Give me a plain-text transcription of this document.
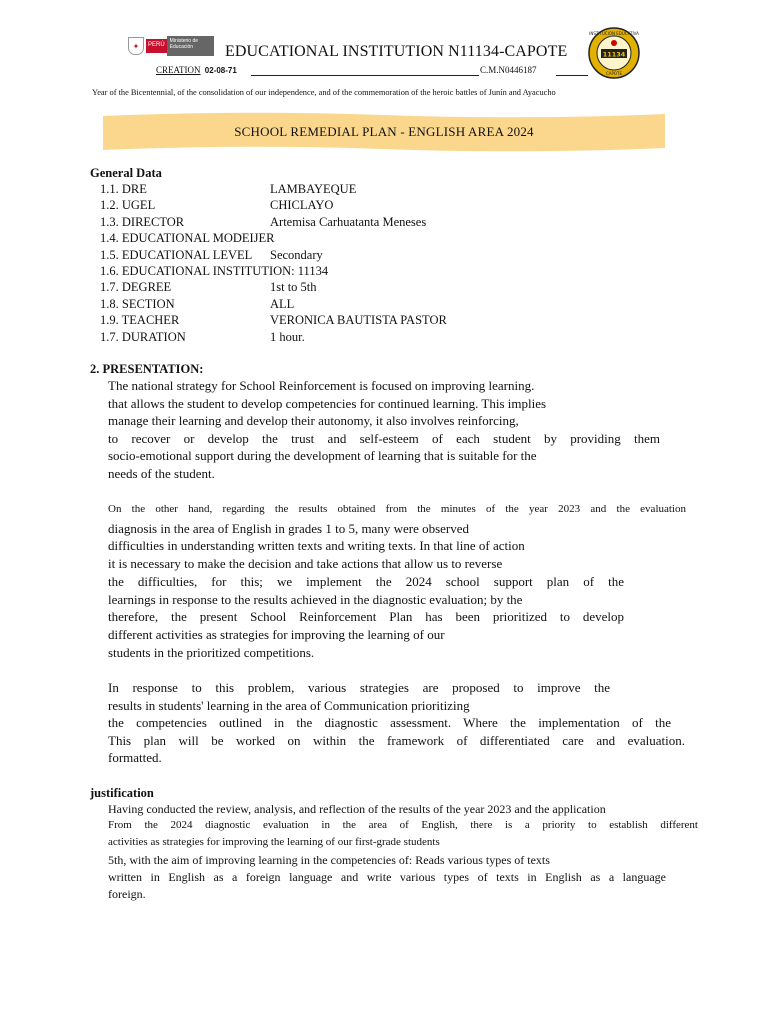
✦	PERÚ
Ministerio de Educación	EDUCATIONAL INSTITUTION N11134-CAPOTE
CREATION 02-08-71	C.M.N0446187
11134
INSTITUCIÓN EDUCATIVA
CAPOTE
Year of the Bicentennial, of the consolidation of our independence, and of the commemoration of the heroic battles of Junín and Ayacucho
SCHOOL REMEDIAL PLAN - ENGLISH AREA 2024
General Data
1.1. DRE	LAMBAYEQUE
1.2. UGEL	CHICLAYO
1.3. DIRECTOR	Artemisa Carhuatanta Meneses
1.4. EDUCATIONAL MODEIJER
1.5. EDUCATIONAL LEVEL Secondary
1.6. EDUCATIONAL INSTITUTION: 11134
1.7. DEGREE	1st to 5th
1.8. SECTION	ALL
1.9. TEACHER	VERONICA BAUTISTA PASTOR
1.7. DURATION	1 hour.
2. PRESENTATION:
The national strategy for School Reinforcement is focused on improving learning.
that allows the student to develop competencies for continued learning. This implies
manage their learning and develop their autonomy, it also involves reinforcing,
to recover or develop the trust and self-esteem of each student by providing them
socio-emotional support during the development of learning that is suitable for the
needs of the student.
On the other hand, regarding the results obtained from the minutes of the year 2023 and the evaluation
diagnosis in the area of English in grades 1 to 5, many were observed
difficulties in understanding written texts and writing texts. In that line of action
it is necessary to make the decision and take actions that allow us to reverse
the difficulties, for this; we implement the 2024 school support plan of the
learnings in response to the results achieved in the diagnostic evaluation; by the
therefore, the present School Reinforcement Plan has been prioritized to develop
different activities as strategies for improving the learning of our
students in the prioritized competitions.
In response to this problem, various strategies are proposed to improve the
results in students' learning in the area of Communication prioritizing
the competencies outlined in the diagnostic assessment. Where the implementation of the
This plan will be worked on within the framework of differentiated care and evaluation.
formatted.
justification
Having conducted the review, analysis, and reflection of the results of the year 2023 and the application
From the 2024 diagnostic evaluation in the area of English, there is a priority to establish different
activities as strategies for improving the learning of our first-grade students
5th, with the aim of improving learning in the competencies of: Reads various types of texts
written in English as a foreign language and write various types of texts in English as a language
foreign.
